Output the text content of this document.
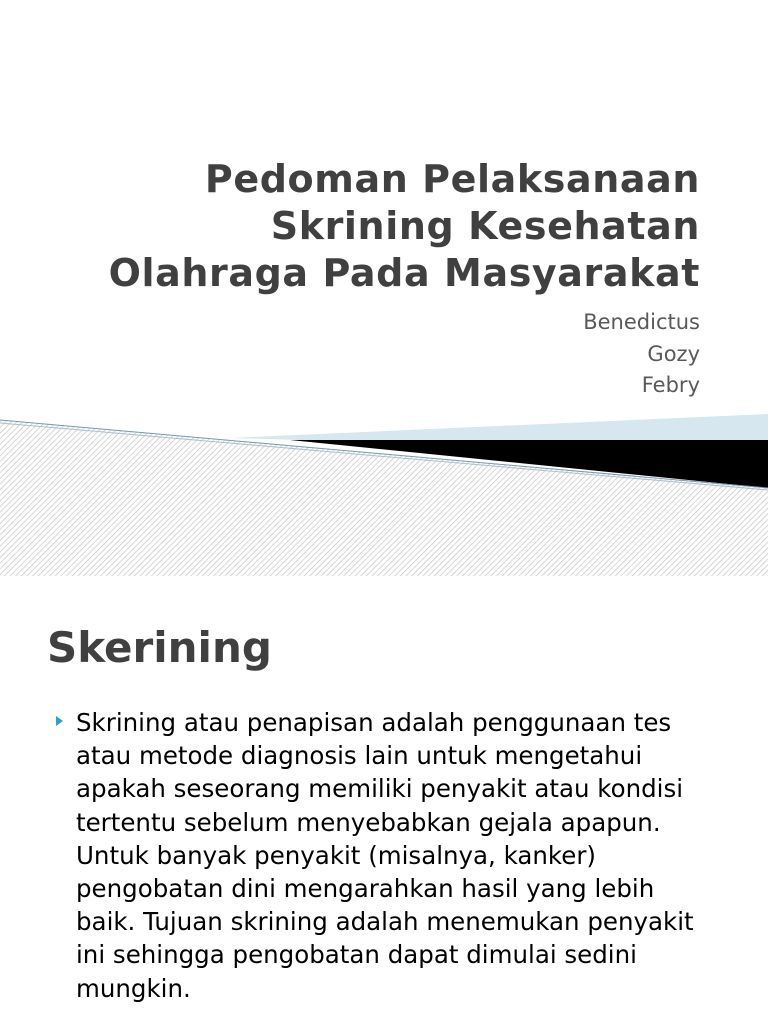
Pedoman Pelaksanaan
Skrining Kesehatan
Olahraga Pada Masyarakat
Benedictus
Gozy
Febry
Skerining
Skrining atau penapisan adalah penggunaan tes atau metode diagnosis lain untuk mengetahui apakah seseorang memiliki penyakit atau kondisi tertentu sebelum menyebabkan gejala apapun. Untuk banyak penyakit (misalnya, kanker) pengobatan dini mengarahkan hasil yang lebih baik. Tujuan skrining adalah menemukan penyakit ini sehingga pengobatan dapat dimulai sedini mungkin.
